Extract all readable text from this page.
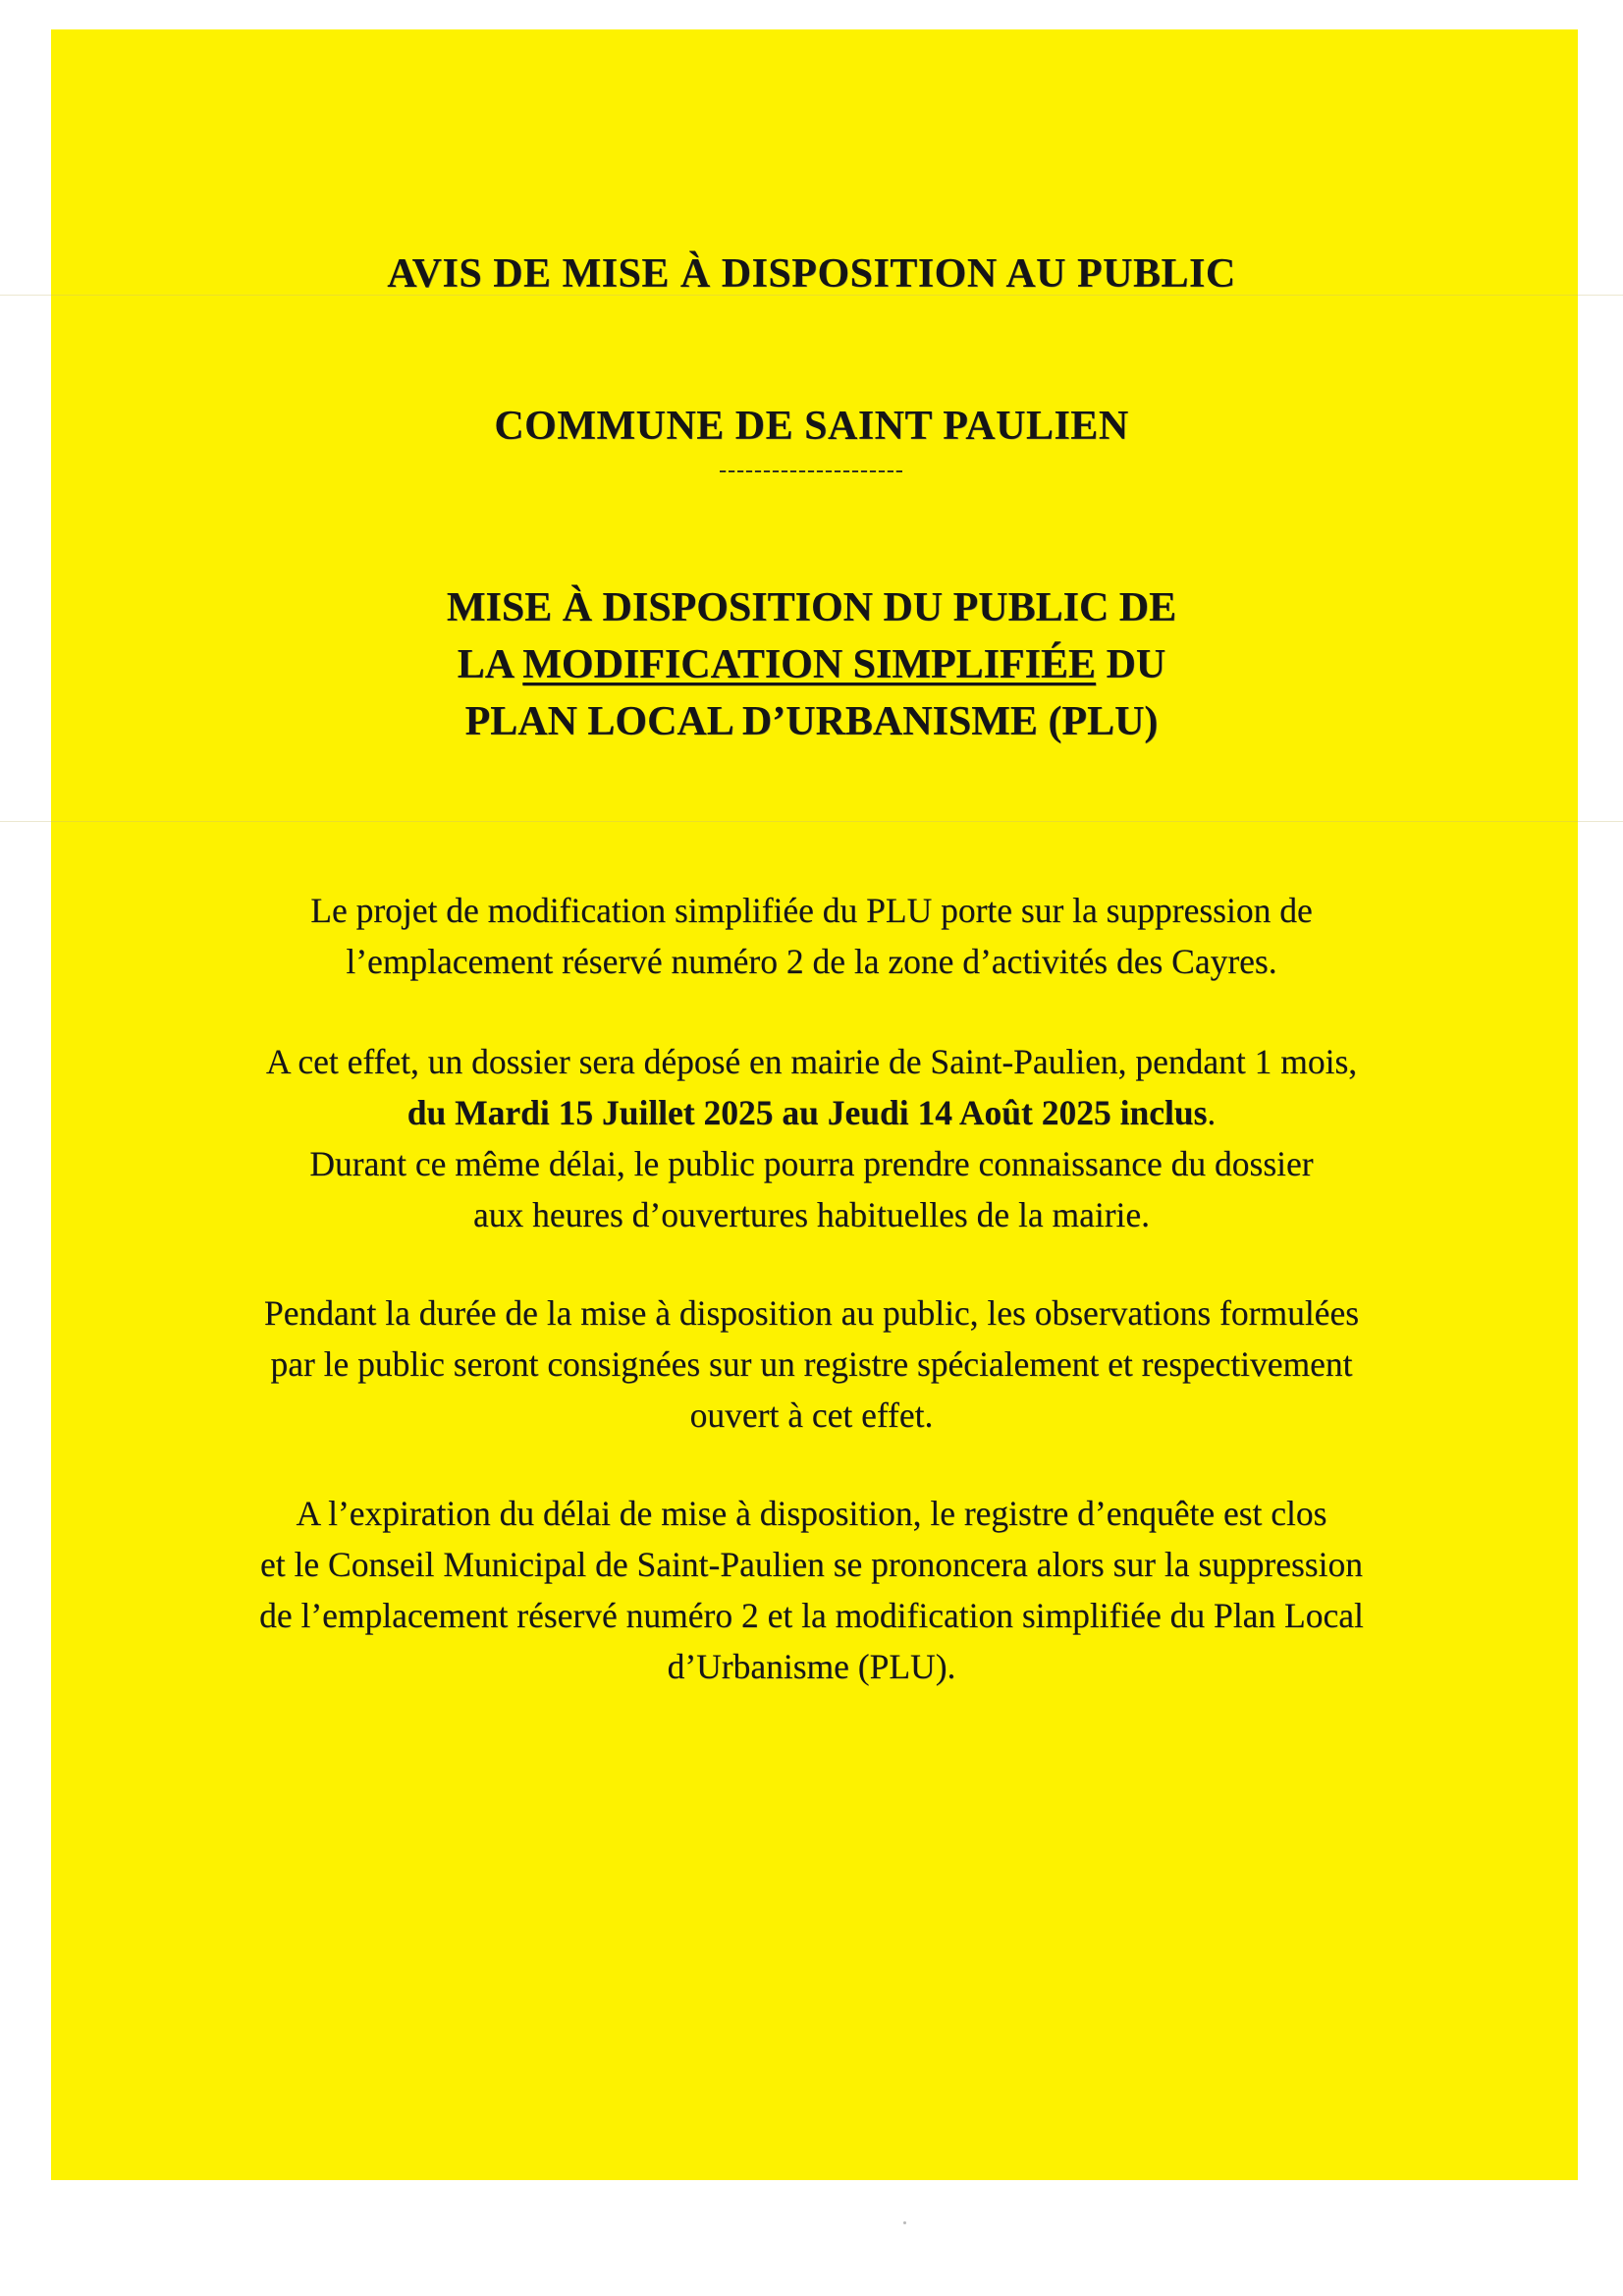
AVIS DE MISE À DISPOSITION AU PUBLIC
COMMUNE DE SAINT PAULIEN
---------------------
MISE À DISPOSITION DU PUBLIC DE
LA MODIFICATION SIMPLIFIÉE DU
PLAN LOCAL D’URBANISME (PLU)
Le projet de modification simplifiée du PLU porte sur la suppression de
l’emplacement réservé numéro 2 de la zone d’activités des Cayres.
A cet effet, un dossier sera déposé en mairie de Saint-Paulien, pendant 1 mois,
du Mardi 15 Juillet 2025 au Jeudi 14 Août 2025 inclus.
Durant ce même délai, le public pourra prendre connaissance du dossier
aux heures d’ouvertures habituelles de la mairie.
Pendant la durée de la mise à disposition au public, les observations formulées
par le public seront consignées sur un registre spécialement et respectivement
ouvert à cet effet.
A l’expiration du délai de mise à disposition, le registre d’enquête est clos
et le Conseil Municipal de Saint-Paulien se prononcera alors sur la suppression
de l’emplacement réservé numéro 2 et la modification simplifiée du Plan Local
d’Urbanisme (PLU).
